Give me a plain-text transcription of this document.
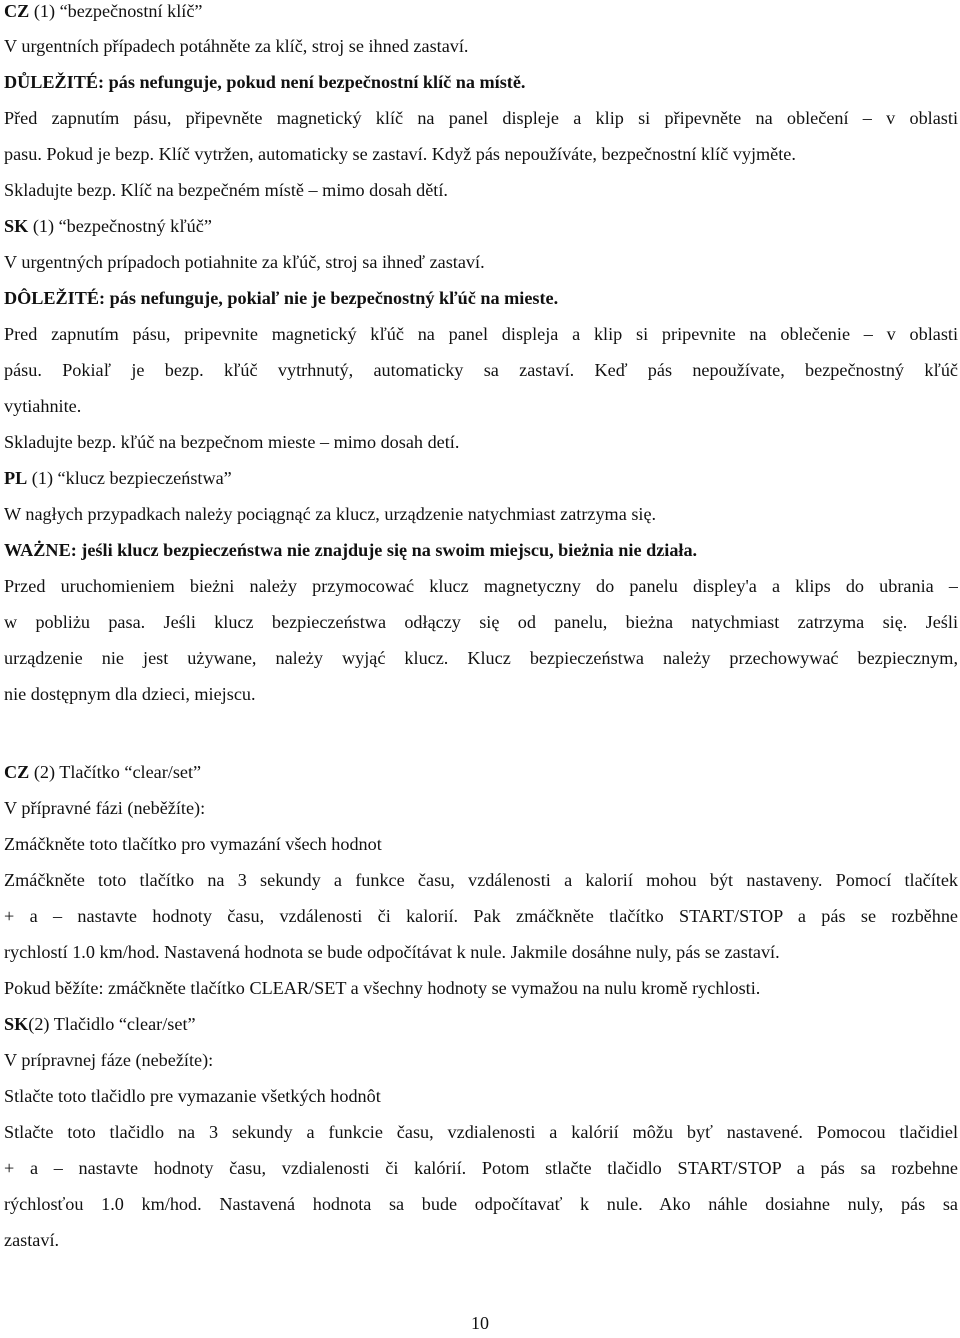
CZ (1) “bezpečnostní klíč”
V urgentních případech potáhněte za klíč, stroj se ihned zastaví.
DŮLEŽITÉ: pás nefunguje, pokud není bezpečnostní klíč na místě.
Před zapnutím pásu, připevněte magnetický klíč na panel displeje a klip si připevněte na oblečení – v oblasti
pasu. Pokud je bezp. Klíč vytržen, automaticky se zastaví. Když pás nepoužíváte, bezpečnostní klíč vyjměte.
Skladujte bezp. Klíč na bezpečném místě – mimo dosah dětí.
SK (1) “bezpečnostný kľúč”
V urgentných prípadoch potiahnite za kľúč, stroj sa ihneď zastaví.
DÔLEŽITÉ: pás nefunguje, pokiaľ nie je bezpečnostný kľúč na mieste.
Pred zapnutím pásu, pripevnite magnetický kľúč na panel displeja a klip si pripevnite na oblečenie – v oblasti
pásu. Pokiaľ je bezp. kľúč vytrhnutý, automaticky sa zastaví. Keď pás nepoužívate, bezpečnostný kľúč
vytiahnite.
Skladujte bezp. kľúč na bezpečnom mieste – mimo dosah detí.
PL (1) “klucz bezpieczeństwa”
W nagłych przypadkach należy pociągnąć za klucz, urządzenie natychmiast zatrzyma się.
WAŻNE: jeśli klucz bezpieczeństwa nie znajduje się na swoim miejscu, bieżnia nie działa.
Przed uruchomieniem bieżni należy przymocować klucz magnetyczny do panelu displey'a a klips do ubrania –
w pobliżu pasa. Jeśli klucz bezpieczeństwa odłączy się od panelu, bieżna natychmiast zatrzyma się. Jeśli
urządzenie nie jest używane, należy wyjąć klucz. Klucz bezpieczeństwa należy przechowywać bezpiecznym,
nie dostępnym dla dzieci, miejscu.
CZ (2) Tlačítko “clear/set”
V přípravné fázi (neběžíte):
Zmáčkněte toto tlačítko pro vymazání všech hodnot
Zmáčkněte toto tlačítko na 3 sekundy a funkce času, vzdálenosti a kalorií mohou být nastaveny. Pomocí tlačítek
+ a – nastavte hodnoty času, vzdálenosti či kalorií. Pak zmáčkněte tlačítko START/STOP a pás se rozběhne
rychlostí 1.0 km/hod. Nastavená hodnota se bude odpočítávat k nule. Jakmile dosáhne nuly, pás se zastaví.
Pokud běžíte: zmáčkněte tlačítko CLEAR/SET a všechny hodnoty se vymažou na nulu kromě rychlosti.
SK(2) Tlačidlo “clear/set”
V prípravnej fáze (nebežíte):
Stlačte toto tlačidlo pre vymazanie všetkých hodnôt
Stlačte toto tlačidlo na 3 sekundy a funkcie času, vzdialenosti a kalórií môžu byť nastavené. Pomocou tlačidiel
+ a – nastavte hodnoty času, vzdialenosti či kalórií. Potom stlačte tlačidlo START/STOP a pás sa rozbehne
rýchlosťou 1.0 km/hod. Nastavená hodnota sa bude odpočítavať k nule. Ako náhle dosiahne nuly, pás sa
zastaví.
10
